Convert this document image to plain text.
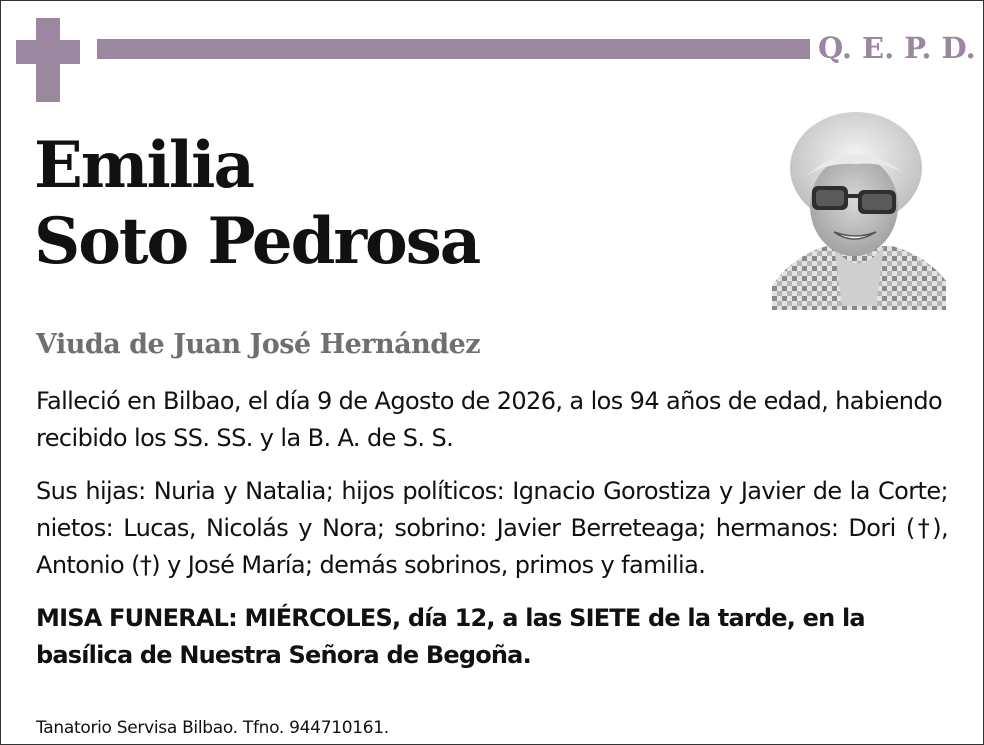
Q. E. P. D.
Emilia
Soto Pedrosa
Viuda de Juan José Hernández

Falleció en Bilbao, el día 9 de Agosto de 2026, a los 94 años de edad, habiendo recibido los SS. SS. y la B. A. de S. S.

Sus hijas: Nuria y Natalia; hijos políticos: Ignacio Gorostiza y Javier de la Corte; nietos: Lucas, Nicolás y Nora; sobrino: Javier Berreteaga; hermanos: Dori (†), Antonio (†) y José María; demás sobrinos, primos y familia.

MISA FUNERAL: MIÉRCOLES, día 12, a las SIETE de la tarde, en la basílica de Nuestra Señora de Begoña.

Tanatorio Servisa Bilbao. Tfno. 944710161.
